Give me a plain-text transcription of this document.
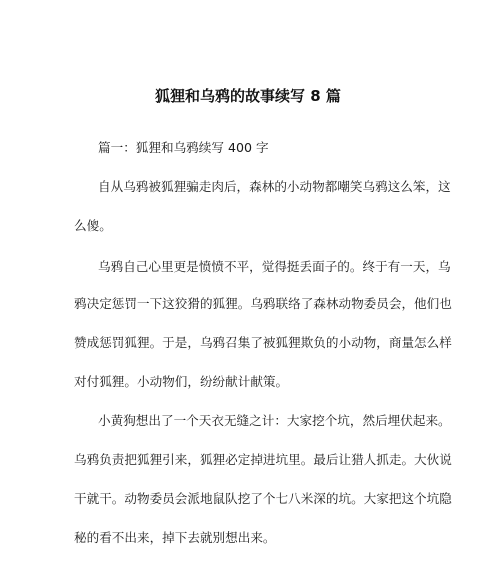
狐狸和乌鸦的故事续写 8 篇
篇一：狐狸和乌鸦续写 400 字
自从乌鸦被狐狸骗走肉后，森林的小动物都嘲笑乌鸦这么笨，这
么傻。
乌鸦自己心里更是愤愤不平，觉得挺丢面子的。终于有一天，乌
鸦决定惩罚一下这狡猾的狐狸。乌鸦联络了森林动物委员会，他们也
赞成惩罚狐狸。于是，乌鸦召集了被狐狸欺负的小动物，商量怎么样
对付狐狸。小动物们，纷纷献计献策。
小黄狗想出了一个天衣无缝之计：大家挖个坑，然后埋伏起来。
乌鸦负责把狐狸引来，狐狸必定掉进坑里。最后让猎人抓走。大伙说
干就干。动物委员会派地鼠队挖了个七八米深的坑。大家把这个坑隐
秘的看不出来，掉下去就别想出来。
